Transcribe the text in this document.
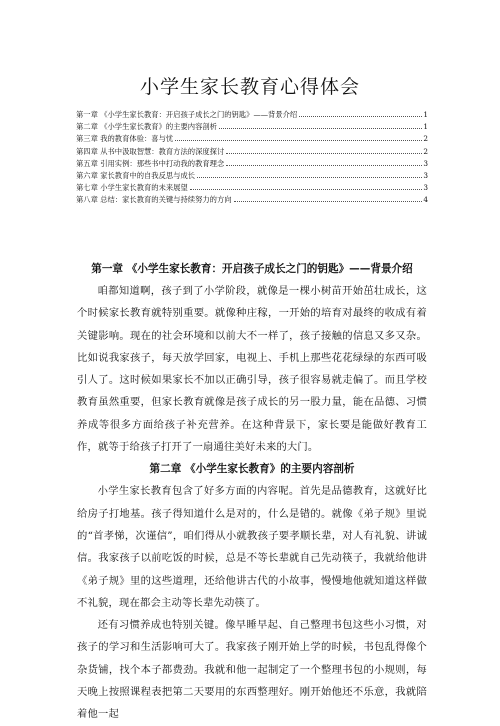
小学生家长教育心得体会
第一章 《小学生家长教育：开启孩子成长之门的钥匙》——背景介绍	1
第二章 《小学生家长教育》的主要内容剖析	1
第三章 我的教育体验：喜与忧	2
第四章 从书中汲取智慧：教育方法的深度探讨	2
第五章 引用实例：那些书中打动我的教育理念	3
第六章 家长教育中的自我反思与成长	3
第七章 小学生家长教育的未来展望	3
第八章 总结：家长教育的关键与持续努力的方向	4
第一章 《小学生家长教育：开启孩子成长之门的钥匙》——背景介绍

咱都知道啊，孩子到了小学阶段，就像是一棵小树苗开始茁壮成长，这个时候家长教育就特别重要。就像种庄稼，一开始的培育对最终的收成有着关键影响。现在的社会环境和以前大不一样了，孩子接触的信息又多又杂。比如说我家孩子，每天放学回家，电视上、手机上那些花花绿绿的东西可吸引人了。这时候如果家长不加以正确引导，孩子很容易就走偏了。而且学校教育虽然重要，但家长教育就像是孩子成长的另一股力量，能在品德、习惯养成等很多方面给孩子补充营养。在这种背景下，家长要是能做好教育工作，就等于给孩子打开了一扇通往美好未来的大门。

第二章 《小学生家长教育》的主要内容剖析

小学生家长教育包含了好多方面的内容呢。首先是品德教育，这就好比给房子打地基。孩子得知道什么是对的，什么是错的。就像《弟子规》里说的“首孝悌，次谨信”，咱们得从小就教孩子要孝顺长辈，对人有礼貌、讲诚信。我家孩子以前吃饭的时候，总是不等长辈就自己先动筷子，我就给他讲《弟子规》里的这些道理，还给他讲古代的小故事，慢慢地他就知道这样做不礼貌，现在都会主动等长辈先动筷了。

还有习惯养成也特别关键。像早睡早起、自己整理书包这些小习惯，对孩子的学习和生活影响可大了。我家孩子刚开始上学的时候，书包乱得像个杂货铺，找个本子都费劲。我就和他一起制定了一个整理书包的小规则，每天晚上按照课程表把第二天要用的东西整理好。刚开始他还不乐意，我就陪着他一起
